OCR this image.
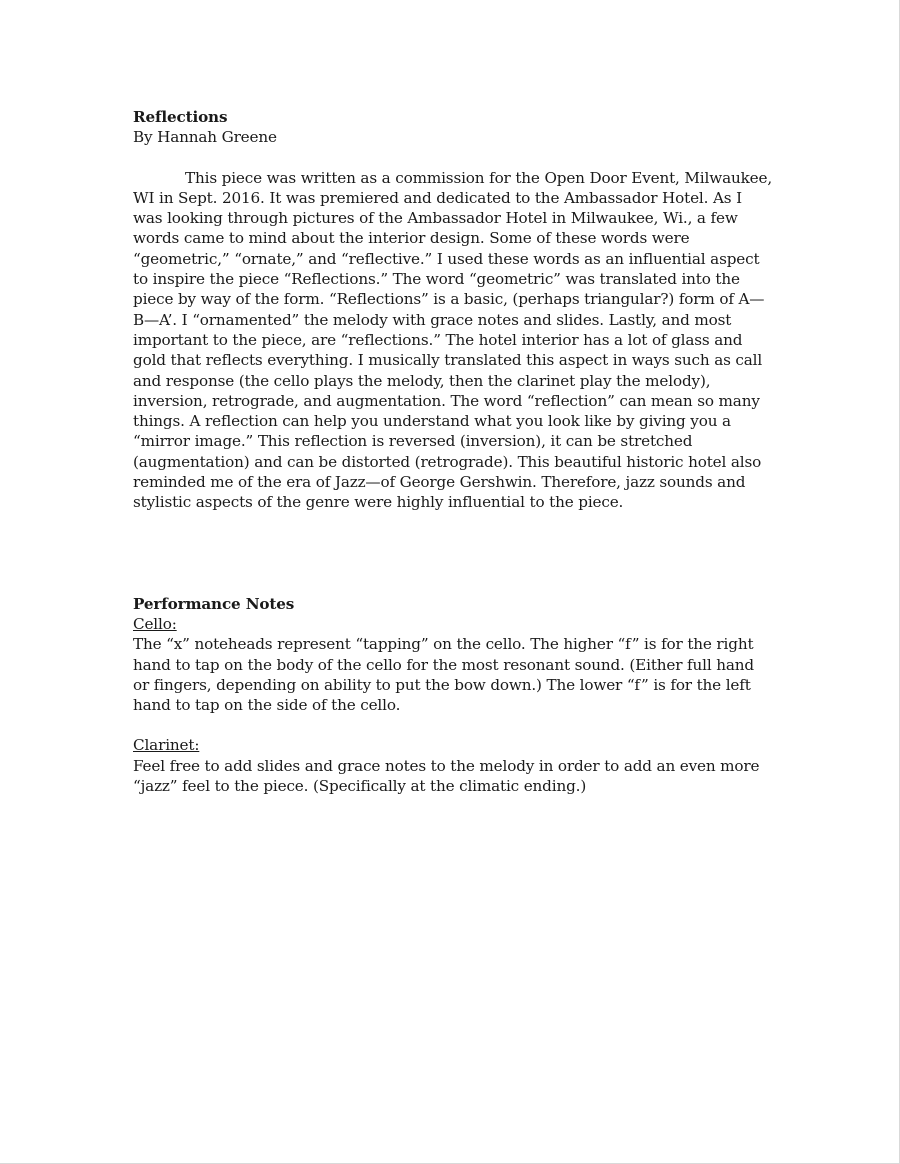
Reflections

By Hannah Greene

This piece was written as a commission for the Open Door Event, Milwaukee, WI in Sept. 2016. It was premiered and dedicated to the Ambassador Hotel. As I was looking through pictures of the Ambassador Hotel in Milwaukee, Wi., a few words came to mind about the interior design. Some of these words were “geometric,” “ornate,” and “reflective.” I used these words as an influential aspect to inspire the piece “Reflections.” The word “geometric” was translated into the piece by way of the form. “Reflections” is a basic, (perhaps triangular?) form of A—B—A’. I “ornamented” the melody with grace notes and slides. Lastly, and most important to the piece, are “reflections.” The hotel interior has a lot of glass and gold that reflects everything. I musically translated this aspect in ways such as call and response (the cello plays the melody, then the clarinet play the melody), inversion, retrograde, and augmentation. The word “reflection” can mean so many things. A reflection can help you understand what you look like by giving you a “mirror image.” This reflection is reversed (inversion), it can be stretched (augmentation) and can be distorted (retrograde). This beautiful historic hotel also reminded me of the era of Jazz—of George Gershwin. Therefore, jazz sounds and stylistic aspects of the genre were highly influential to the piece.

Performance Notes

Cello:

The “x” noteheads represent “tapping” on the cello. The higher “f” is for the right hand to tap on the body of the cello for the most resonant sound. (Either full hand or fingers, depending on ability to put the bow down.) The lower “f” is for the left hand to tap on the side of the cello.

Clarinet:

Feel free to add slides and grace notes to the melody in order to add an even more “jazz” feel to the piece. (Specifically at the climatic ending.)
